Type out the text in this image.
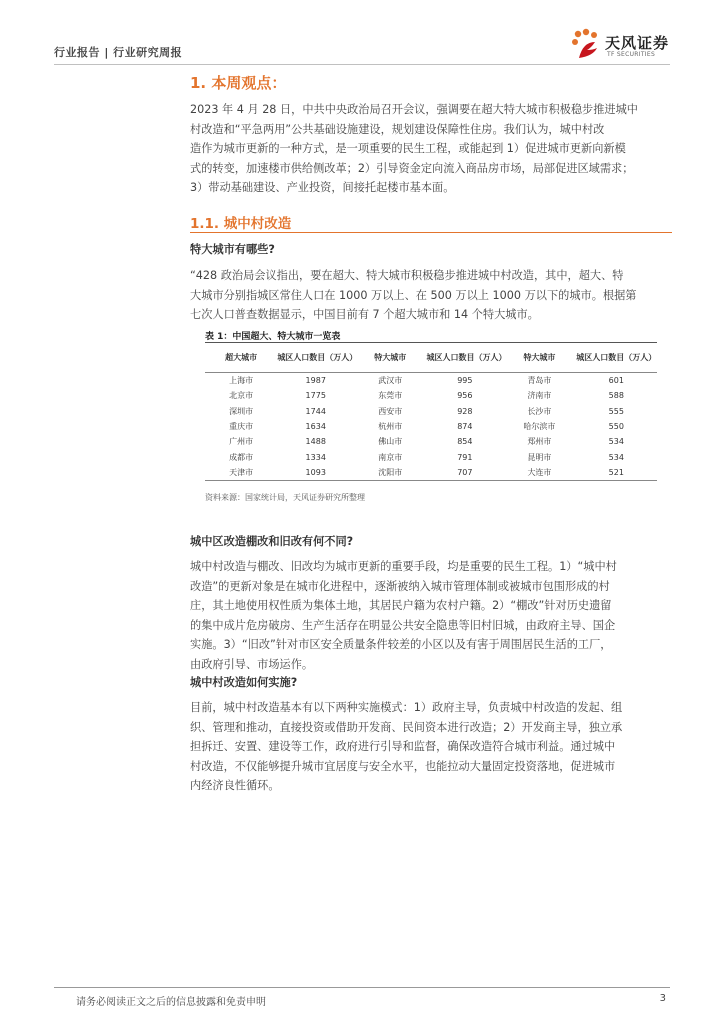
行业报告 | 行业研究周报
天风证券
TF SECURITIES
1. 本周观点：
2023 年 4 月 28 日，中共中央政治局召开会议，强调要在超大特大城市积极稳步推进城中
村改造和“平急两用”公共基础设施建设，规划建设保障性住房。我们认为，城中村改
造作为城市更新的一种方式，是一项重要的民生工程，或能起到 1）促进城市更新向新模
式的转变，加速楼市供给侧改革；2）引导资金定向流入商品房市场，局部促进区域需求；
3）带动基础建设、产业投资，间接托起楼市基本面。
1.1. 城中村改造
特大城市有哪些?
“428 政治局会议指出，要在超大、特大城市积极稳步推进城中村改造，其中，超大、特
大城市分别指城区常住人口在 1000 万以上、在 500 万以上 1000 万以下的城市。根据第
七次人口普查数据显示，中国目前有 7 个超大城市和 14 个特大城市。
表 1：中国超大、特大城市一览表
超大城市	城区人口数目（万人）	特大城市	城区人口数目（万人）	特大城市	城区人口数目（万人）
上海市	1987	武汉市	995	青岛市	601
北京市	1775	东莞市	956	济南市	588
深圳市	1744	西安市	928	长沙市	555
重庆市	1634	杭州市	874	哈尔滨市	550
广州市	1488	佛山市	854	郑州市	534
成都市	1334	南京市	791	昆明市	534
天津市	1093	沈阳市	707	大连市	521
资料来源：国家统计局，天风证券研究所整理
城中区改造棚改和旧改有何不同?
城中村改造与棚改、旧改均为城市更新的重要手段，均是重要的民生工程。1）“城中村
改造”的更新对象是在城市化进程中，逐渐被纳入城市管理体制或被城市包围形成的村
庄，其土地使用权性质为集体土地，其居民户籍为农村户籍。2）“棚改”针对历史遗留
的集中成片危房破房、生产生活存在明显公共安全隐患等旧村旧城，由政府主导、国企
实施。3）“旧改”针对市区安全质量条件较差的小区以及有害于周围居民生活的工厂，
由政府引导、市场运作。
城中村改造如何实施?
目前，城中村改造基本有以下两种实施模式：1）政府主导，负责城中村改造的发起、组
织、管理和推动，直接投资或借助开发商、民间资本进行改造；2）开发商主导，独立承
担拆迁、安置、建设等工作，政府进行引导和监督，确保改造符合城市利益。通过城中
村改造，不仅能够提升城市宜居度与安全水平，也能拉动大量固定投资落地，促进城市
内经济良性循环。
请务必阅读正文之后的信息披露和免责申明	3
